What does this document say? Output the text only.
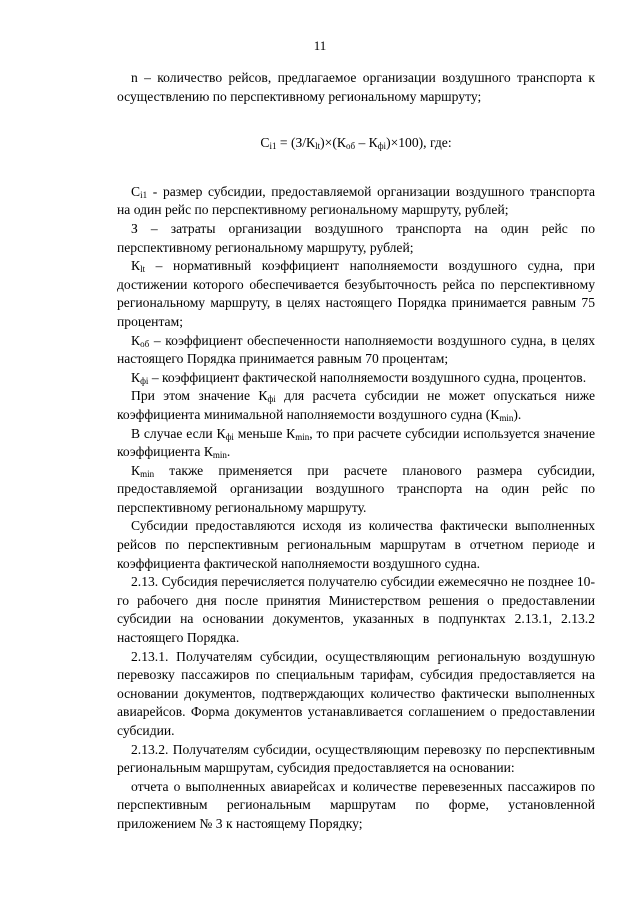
11

n – количество рейсов, предлагаемое организации воздушного транспорта к осуществлению по перспективному региональному маршруту;

$C_{i1} = (З/К_{lt})\times(К_{об} - К_{фi})\times 100$), где:

$C_{i1}$ - размер субсидии, предоставляемой организации воздушного транспорта на один рейс по перспективному региональному маршруту, рублей;

З – затраты организации воздушного транспорта на один рейс по перспективному региональному маршруту, рублей;

$К_{lt}$ – нормативный коэффициент наполняемости воздушного судна, при достижении которого обеспечивается безубыточность рейса по перспективному региональному маршруту, в целях настоящего Порядка принимается равным 75 процентам;

$К_{об}$ – коэффициент обеспеченности наполняемости воздушного судна, в целях настоящего Порядка принимается равным 70 процентам;

$К_{фi}$ – коэффициент фактической наполняемости воздушного судна, процентов.

При этом значение $К_{фi}$ для расчета субсидии не может опускаться ниже коэффициента минимальной наполняемости воздушного судна $(К_{min})$.

В случае если $К_{фi}$ меньше $К_{min}$, то при расчете субсидии используется значение коэффициента $К_{min}$.

$К_{min}$ также применяется при расчете планового размера субсидии, предоставляемой организации воздушного транспорта на один рейс по перспективному региональному маршруту.

Субсидии предоставляются исходя из количества фактически выполненных рейсов по перспективным региональным маршрутам в отчетном периоде и коэффициента фактической наполняемости воздушного судна.

2.13. Субсидия перечисляется получателю субсидии ежемесячно не позднее 10-го рабочего дня после принятия Министерством решения о предоставлении субсидии на основании документов, указанных в подпунктах 2.13.1, 2.13.2 настоящего Порядка.

2.13.1. Получателям субсидии, осуществляющим региональную воздушную перевозку пассажиров по специальным тарифам, субсидия предоставляется на основании документов, подтверждающих количество фактически выполненных авиарейсов. Форма документов устанавливается соглашением о предоставлении субсидии.

2.13.2. Получателям субсидии, осуществляющим перевозку по перспективным региональным маршрутам, субсидия предоставляется на основании:

отчета о выполненных авиарейсах и количестве перевезенных пассажиров по перспективным региональным маршрутам по форме, установленной приложением № 3 к настоящему Порядку;
